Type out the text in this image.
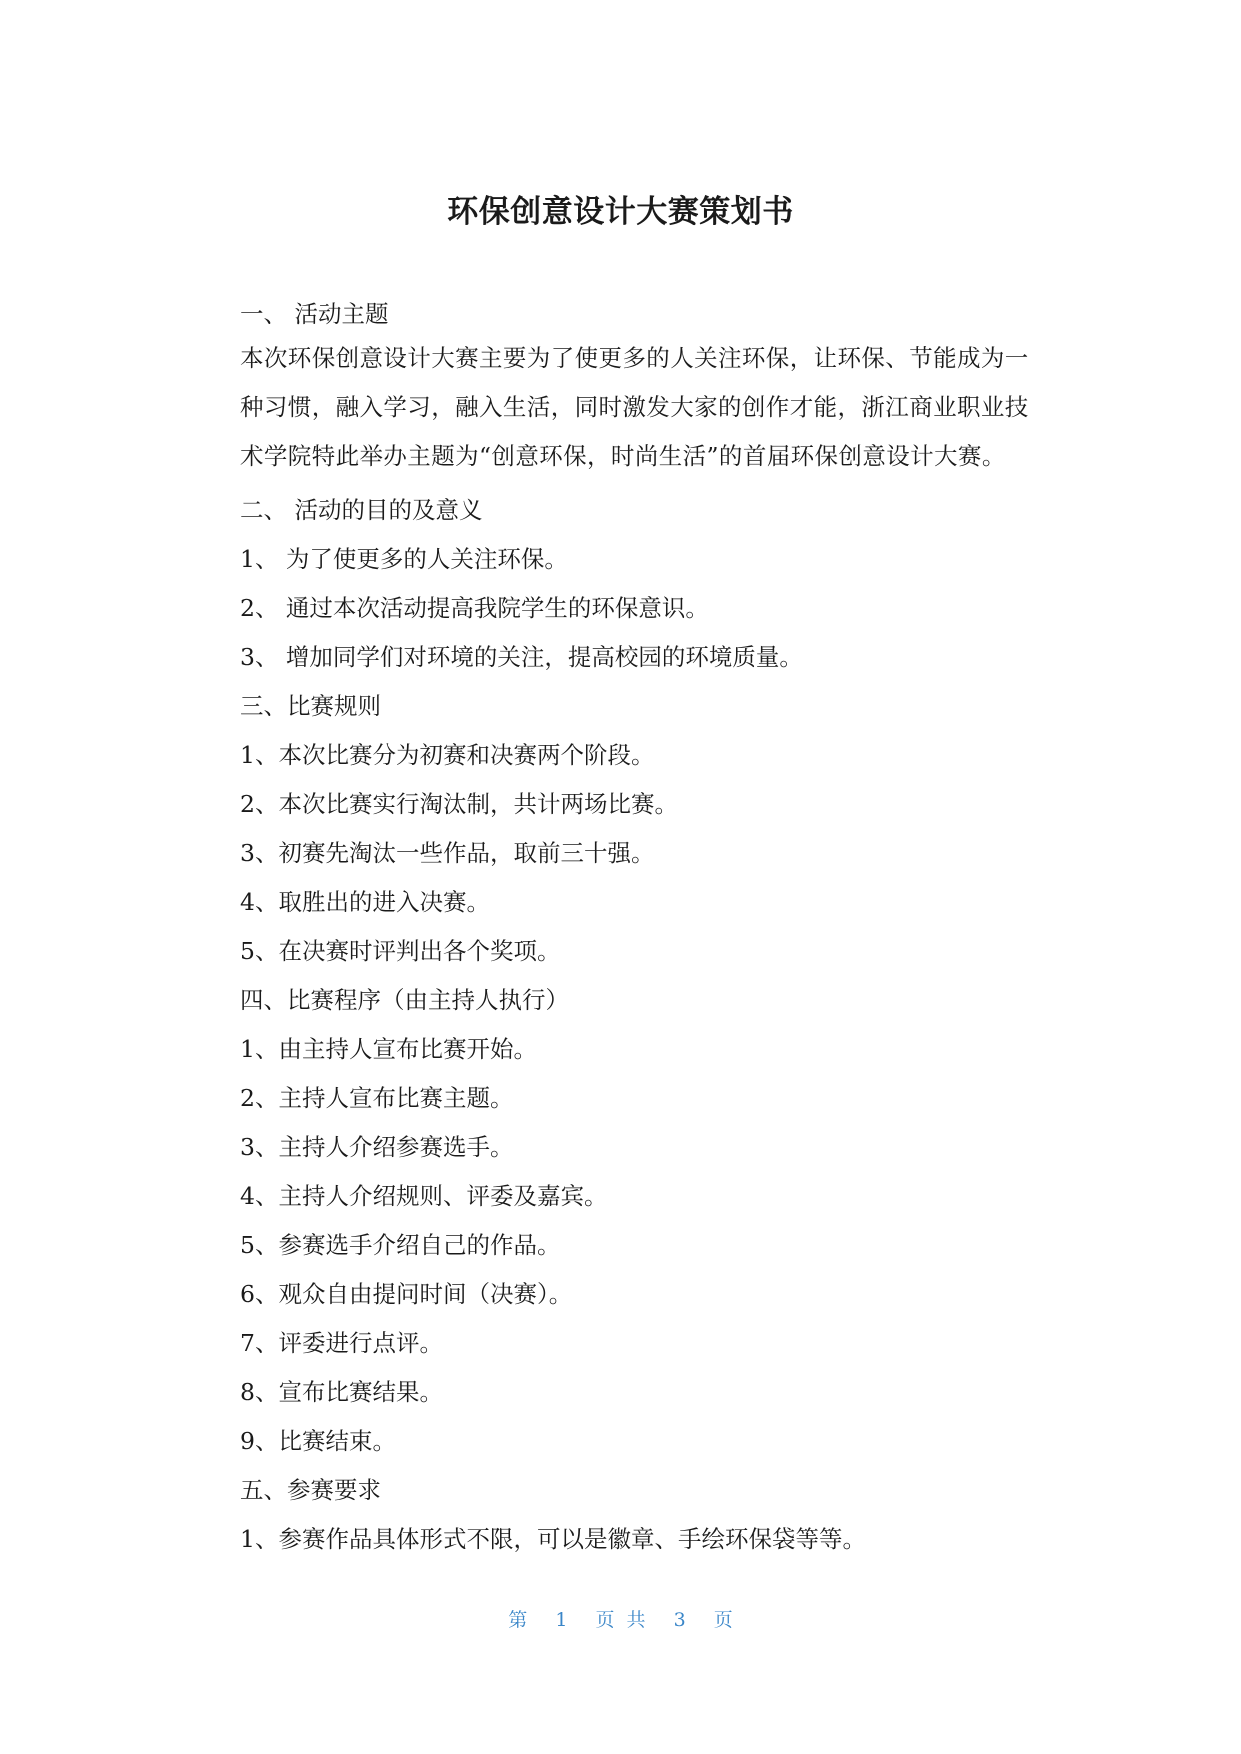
环保创意设计大赛策划书
一、 活动主题
本次环保创意设计大赛主要为了使更多的人关注环保，让环保、节能成为一种习惯，融入学习，融入生活，同时激发大家的创作才能，浙江商业职业技术学院特此举办主题为“创意环保，时尚生活”的首届环保创意设计大赛。
二、 活动的目的及意义
1、 为了使更多的人关注环保。
2、 通过本次活动提高我院学生的环保意识。
3、 增加同学们对环境的关注，提高校园的环境质量。
三、比赛规则
1、本次比赛分为初赛和决赛两个阶段。
2、本次比赛实行淘汰制，共计两场比赛。
3、初赛先淘汰一些作品，取前三十强。
4、取胜出的进入决赛。
5、在决赛时评判出各个奖项。
四、比赛程序（由主持人执行）
1、由主持人宣布比赛开始。
2、主持人宣布比赛主题。
3、主持人介绍参赛选手。
4、主持人介绍规则、评委及嘉宾。
5、参赛选手介绍自己的作品。
6、观众自由提问时间（决赛）。
7、评委进行点评。
8、宣布比赛结果。
9、比赛结束。
五、参赛要求
1、参赛作品具体形式不限，可以是徽章、手绘环保袋等等。
第 1 页 共 3 页
